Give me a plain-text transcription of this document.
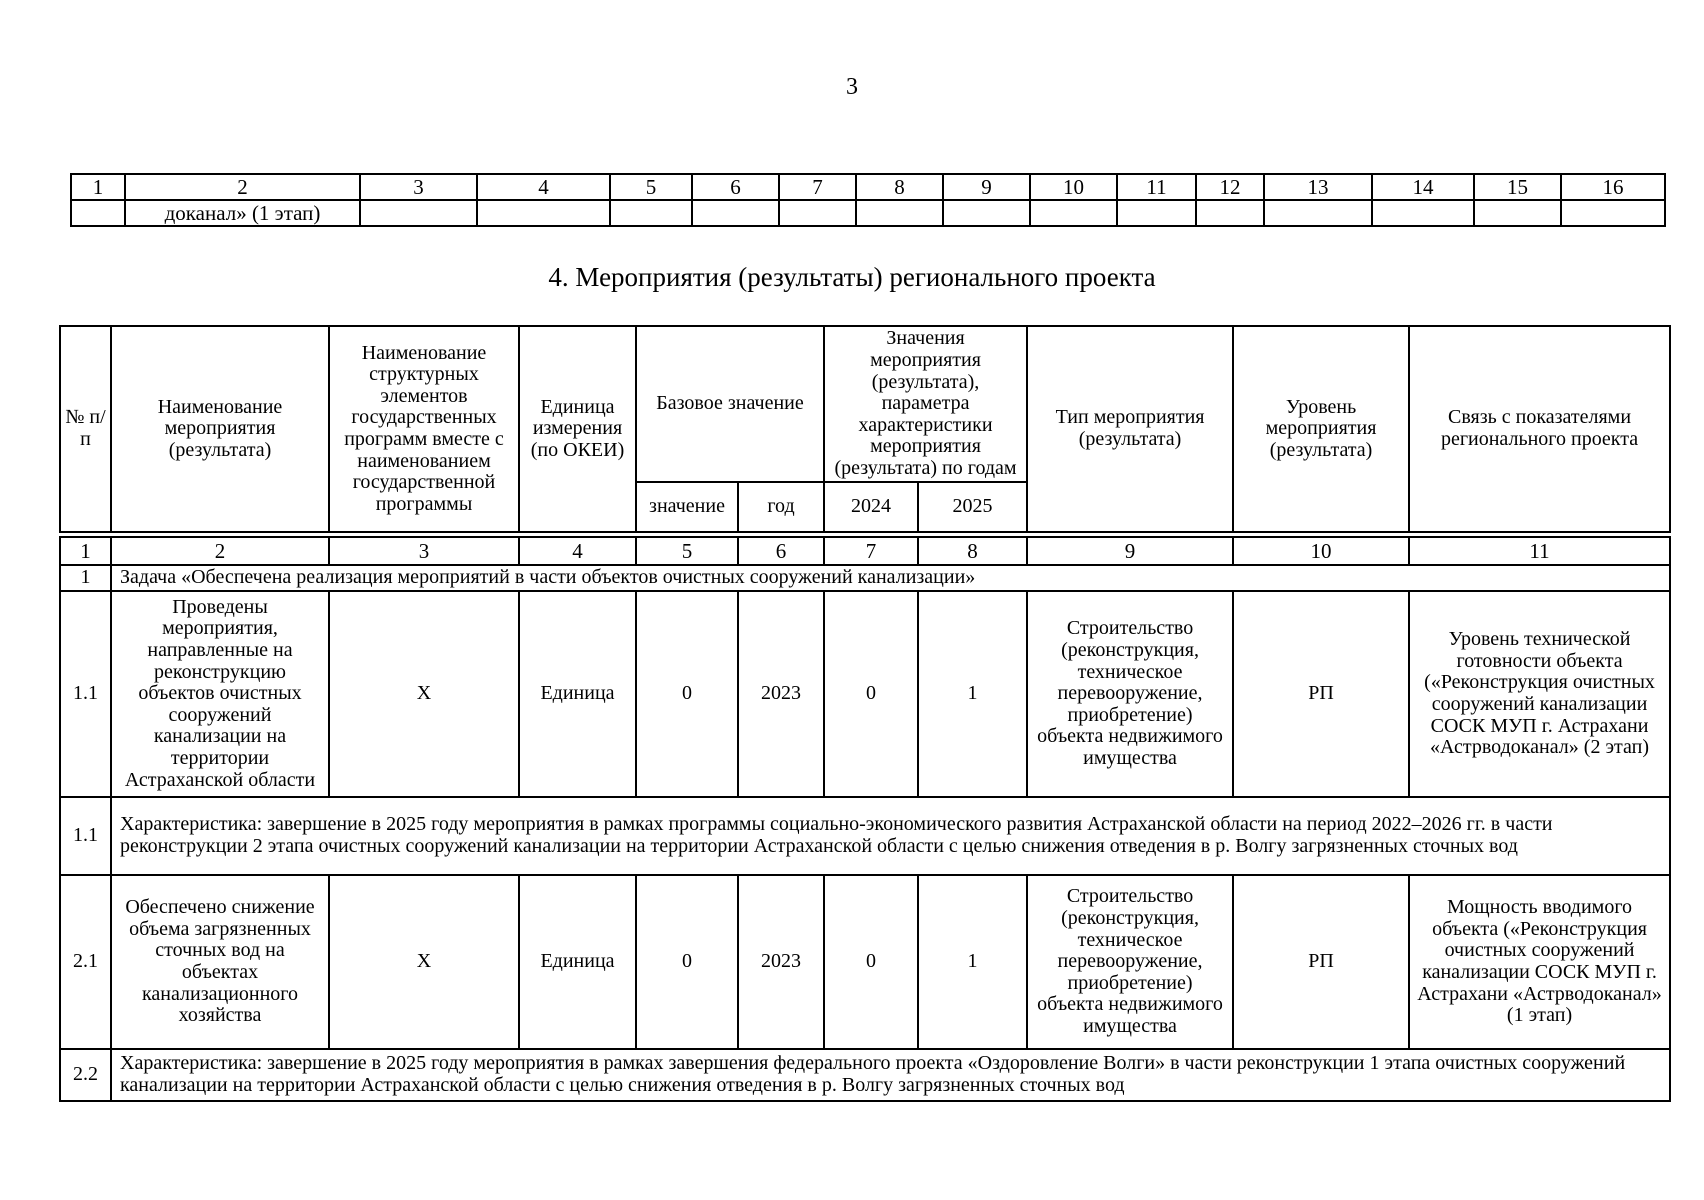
3
1	2	3	4	5	6	7	8	9	10	11	12	13	14	15	16
	доканал» (1 этап)														
4. Мероприятия (результаты) регионального проекта
№ п/п	Наименование мероприятия (результата)	Наименование структурных элементов государственных программ вместе с наименованием государственной программы	Единица измерения (по ОКЕИ)	Базовое значение		Значения мероприятия (результата), параметра характеристики мероприятия (результата) по годам		Тип мероприятия (результата)	Уровень мероприятия (результата)	Связь с показателями регионального проекта
				значение	год	2024	2025			

1	2	3	4	5	6	7	8	9	10	11
1	Задача «Обеспечена реализация мероприятий в части объектов очистных сооружений канализации»									
1.1	Проведены мероприятия, направленные на реконструкцию объектов очистных сооружений канализации на территории Астраханской области	Х	Единица	0	2023	0	1	Строительство (реконструкция, техническое перевооружение, приобретение) объекта недвижимого имущества	РП	Уровень технической готовности объекта («Реконструкция очистных сооружений канализации СОСК МУП г. Астрахани «Астрводоканал» (2 этап)
1.1	Характеристика: завершение в 2025 году мероприятия в рамках программы социально-экономического развития Астраханской области на период 2022–2026 гг. в части реконструкции 2 этапа очистных сооружений канализации на территории Астраханской области с целью снижения отведения в р. Волгу загрязненных сточных вод									
2.1	Обеспечено снижение объема загрязненных сточных вод на объектах канализационного хозяйства	Х	Единица	0	2023	0	1	Строительство (реконструкция, техническое перевооружение, приобретение) объекта недвижимого имущества	РП	Мощность вводимого объекта («Реконструкция очистных сооружений канализации СОСК МУП г. Астрахани «Астрводоканал» (1 этап)
2.2	Характеристика: завершение в 2025 году мероприятия в рамках завершения федерального проекта «Оздоровление Волги» в части реконструкции 1 этапа очистных сооружений канализации на территории Астраханской области с целью снижения отведения в р. Волгу загрязненных сточных вод									
